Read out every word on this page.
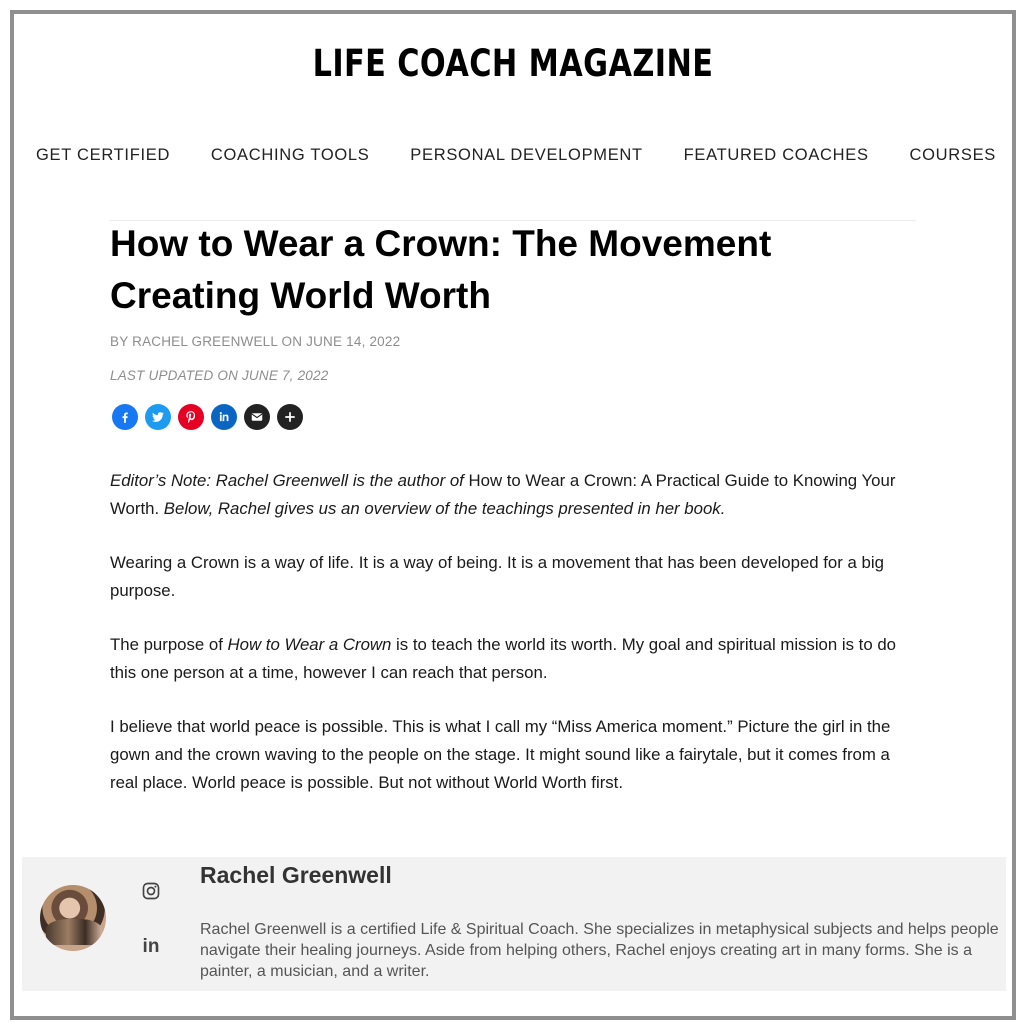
LIFE COACH MAGAZINE
GET CERTIFIED COACHING TOOLS PERSONAL DEVELOPMENT FEATURED COACHES COURSES
How to Wear a Crown: The Movement Creating World Worth
BY RACHEL GREENWELL ON JUNE 14, 2022
LAST UPDATED ON JUNE 7, 2022

Editor’s Note: Rachel Greenwell is the author of How to Wear a Crown: A Practical Guide to Knowing Your Worth. Below, Rachel gives us an overview of the teachings presented in her book.

Wearing a Crown is a way of life. It is a way of being. It is a movement that has been developed for a big purpose.

The purpose of How to Wear a Crown is to teach the world its worth. My goal and spiritual mission is to do this one person at a time, however I can reach that person.

I believe that world peace is possible. This is what I call my “Miss America moment.” Picture the girl in the gown and the crown waving to the people on the stage. It might sound like a fairytale, but it comes from a real place. World peace is possible. But not without World Worth first.

in
Rachel Greenwell
Rachel Greenwell is a certified Life & Spiritual Coach. She specializes in metaphysical subjects and helps people navigate their healing journeys. Aside from helping others, Rachel enjoys creating art in many forms. She is a painter, a musician, and a writer.
